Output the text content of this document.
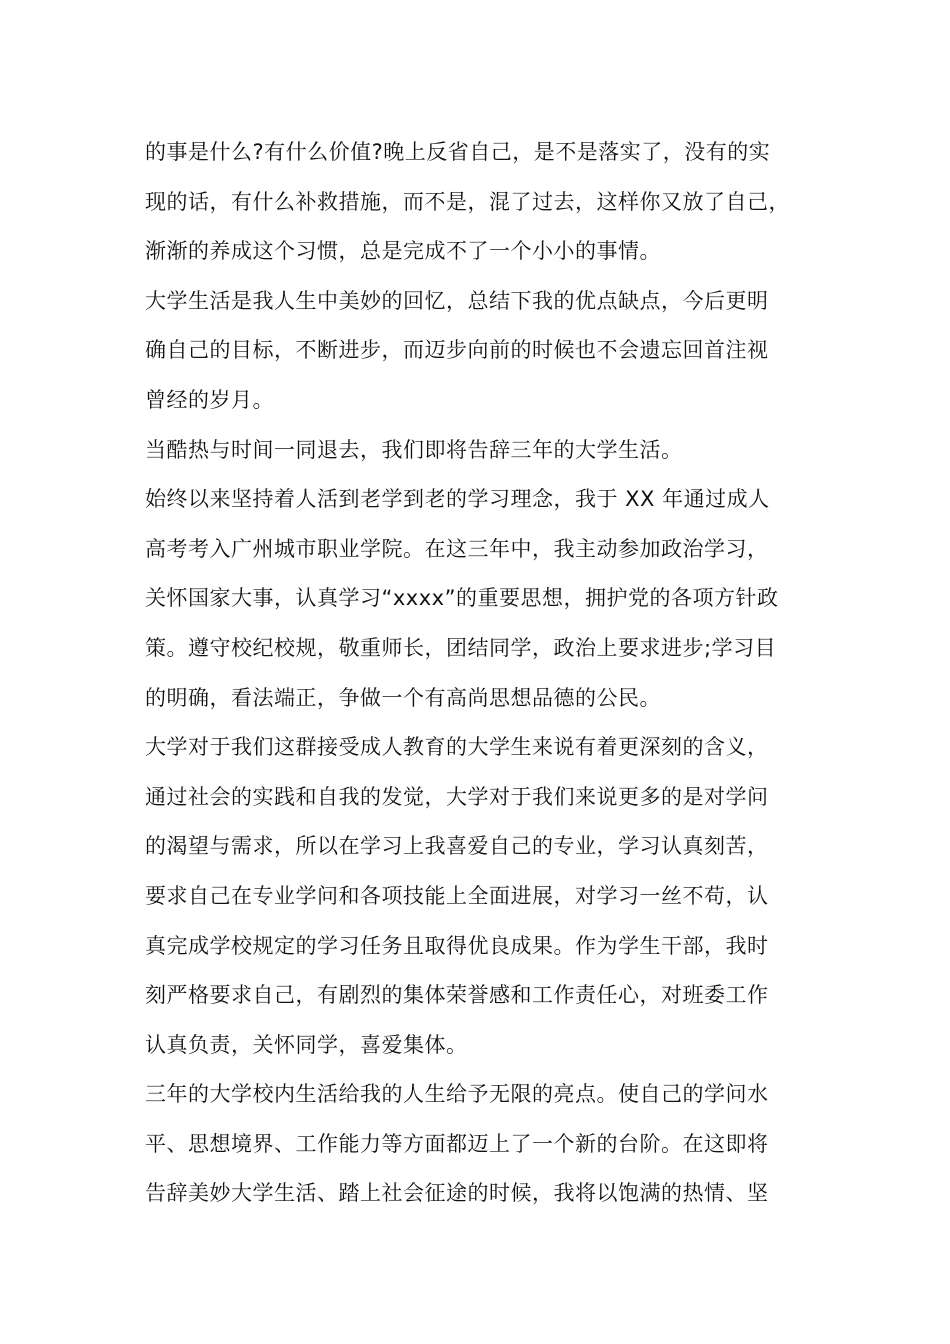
的事是什么?有什么价值?晚上反省自己，是不是落实了，没有的实
现的话，有什么补救措施，而不是，混了过去，这样你又放了自己，
渐渐的养成这个习惯，总是完成不了一个小小的事情。
大学生活是我人生中美妙的回忆，总结下我的优点缺点，今后更明
确自己的目标，不断进步，而迈步向前的时候也不会遗忘回首注视
曾经的岁月。
当酷热与时间一同退去，我们即将告辞三年的大学生活。
始终以来坚持着人活到老学到老的学习理念，我于 XX 年通过成人
高考考入广州城市职业学院。在这三年中，我主动参加政治学习，
关怀国家大事，认真学习“xxxx”的重要思想，拥护党的各项方针政
策。遵守校纪校规，敬重师长，团结同学，政治上要求进步;学习目
的明确，看法端正，争做一个有高尚思想品德的公民。
大学对于我们这群接受成人教育的大学生来说有着更深刻的含义，
通过社会的实践和自我的发觉，大学对于我们来说更多的是对学问
的渴望与需求，所以在学习上我喜爱自己的专业，学习认真刻苦，
要求自己在专业学问和各项技能上全面进展，对学习一丝不苟，认
真完成学校规定的学习任务且取得优良成果。作为学生干部，我时
刻严格要求自己，有剧烈的集体荣誉感和工作责任心，对班委工作
认真负责，关怀同学，喜爱集体。
三年的大学校内生活给我的人生给予无限的亮点。使自己的学问水
平、思想境界、工作能力等方面都迈上了一个新的台阶。在这即将
告辞美妙大学生活、踏上社会征途的时候，我将以饱满的热情、坚
